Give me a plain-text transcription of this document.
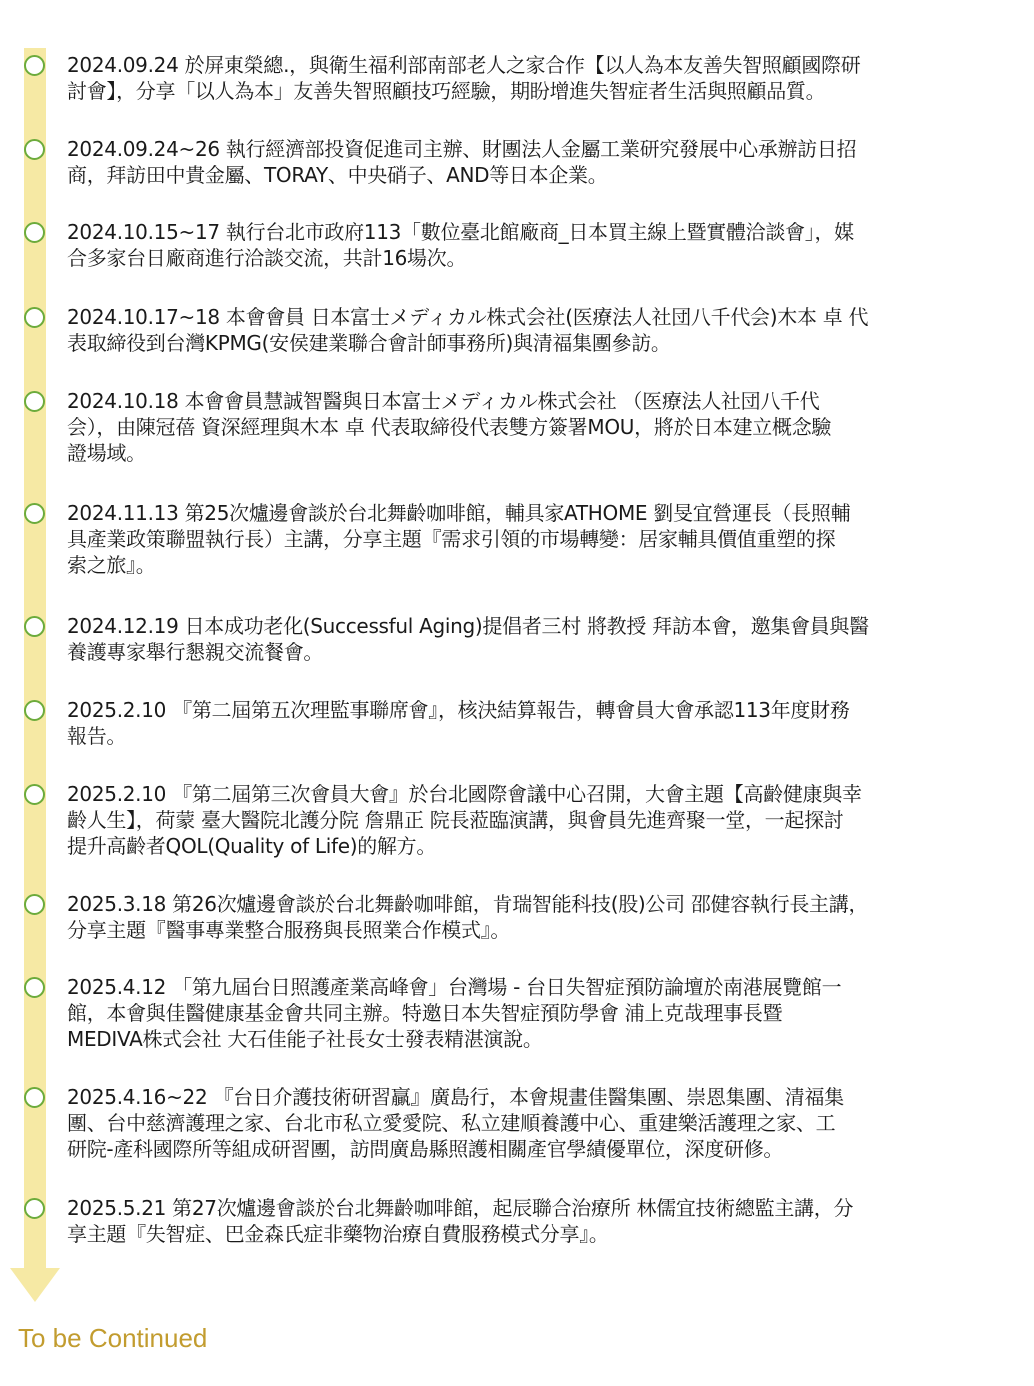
2024.09.24 於屏東榮總.，與衛生福利部南部老人之家合作【以人為本友善失智照顧國際研
討會】，分享「以人為本」友善失智照顧技巧經驗，期盼增進失智症者生活與照顧品質。

2024.09.24~26 執行經濟部投資促進司主辦、財團法人金屬工業研究發展中心承辦訪日招
商，拜訪田中貴金屬、TORAY、中央硝子、AND等日本企業。

2024.10.15~17 執行台北市政府113「數位臺北館廠商_日本買主線上暨實體洽談會」，媒
合多家台日廠商進行洽談交流，共計16場次。

2024.10.17~18 本會會員 日本富士メディカル株式会社(医療法人社団八千代会)木本 卓 代
表取締役到台灣KPMG(安侯建業聯合會計師事務所)與清福集團參訪。

2024.10.18 本會會員慧誠智醫與日本富士メディカル株式会社 （医療法人社団八千代
会），由陳冠蓓 資深經理與木本 卓 代表取締役代表雙方簽署MOU，將於日本建立概念驗
證場域。

2024.11.13 第25次爐邊會談於台北舞齡咖啡館，輔具家ATHOME 劉旻宜營運長（長照輔
具產業政策聯盟執行長）主講，分享主題『需求引領的市場轉變：居家輔具價值重塑的探
索之旅』。

2024.12.19 日本成功老化(Successful Aging)提倡者三村 將教授 拜訪本會，邀集會員與醫
養護專家舉行懇親交流餐會。

2025.2.10 『第二屆第五次理監事聯席會』，核決結算報告，轉會員大會承認113年度財務
報告。

2025.2.10 『第二屆第三次會員大會』於台北國際會議中心召開，大會主題【高齡健康與幸
齡人生】，荷蒙 臺大醫院北護分院 詹鼎正 院長蒞臨演講，與會員先進齊聚一堂，一起探討
提升高齡者QOL(Quality of Life)的解方。

2025.3.18 第26次爐邊會談於台北舞齡咖啡館，肯瑞智能科技(股)公司 邵健容執行長主講，
分享主題『醫事專業整合服務與長照業合作模式』。

2025.4.12 「第九屆台日照護產業高峰會」台灣場 - 台日失智症預防論壇於南港展覽館一
館，本會與佳醫健康基金會共同主辦。特邀日本失智症預防學會 浦上克哉理事長暨
MEDIVA株式会社 大石佳能子社長女士發表精湛演說。

2025.4.16~22 『台日介護技術研習贏』廣島行，本會規畫佳醫集團、崇恩集團、清福集
團、台中慈濟護理之家、台北市私立愛愛院、私立建順養護中心、重建樂活護理之家、工
研院-產科國際所等組成研習團，訪問廣島縣照護相關產官學績優單位，深度研修。

2025.5.21 第27次爐邊會談於台北舞齡咖啡館，起辰聯合治療所 林儒宜技術總監主講，分
享主題『失智症、巴金森氏症非藥物治療自費服務模式分享』。

To be Continued
